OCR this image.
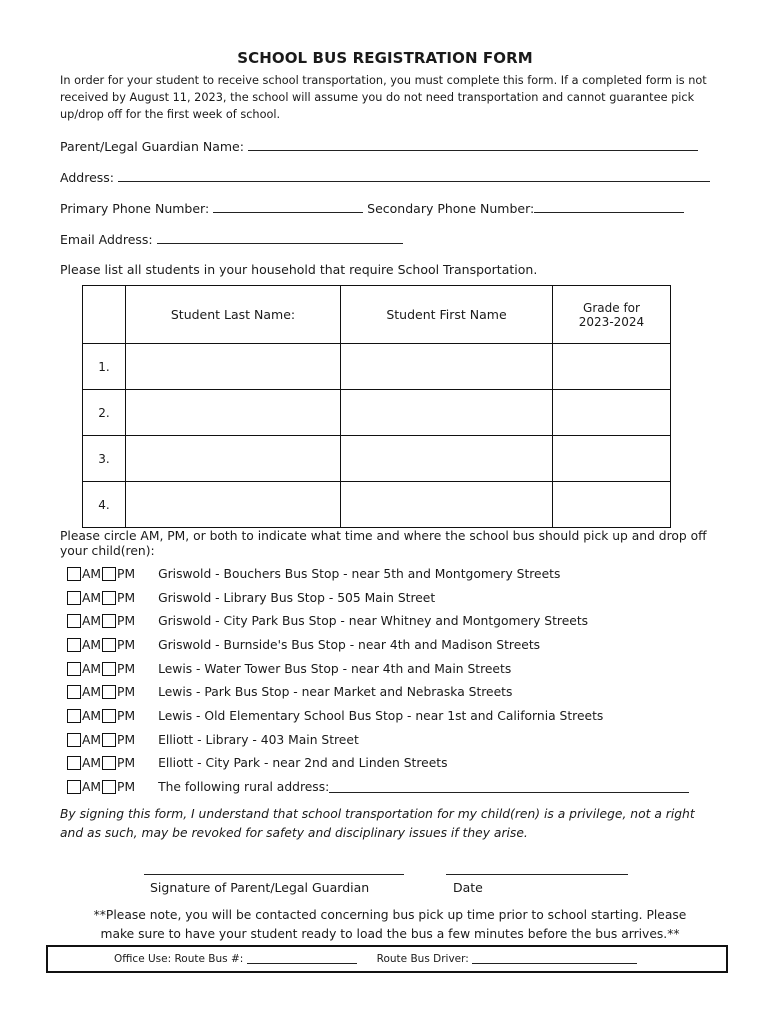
SCHOOL BUS REGISTRATION FORM
In order for your student to receive school transportation, you must complete this form. If a completed form is not received by August 11, 2023, the school will assume you do not need transportation and cannot guarantee pick up/drop off for the first week of school.
Parent/Legal Guardian Name:
Address:
Primary Phone Number:	Secondary Phone Number:
Email Address:
Please list all students in your household that require School Transportation.
	Student Last Name:	Student First Name	Grade for
2023-2024

1.			
2.			
3.			
4.			
Please circle AM, PM, or both to indicate what time and where the school bus should pick up and drop off your child(ren):
AM PM Griswold - Bouchers Bus Stop - near 5th and Montgomery Streets
AM PM Griswold - Library Bus Stop - 505 Main Street
AM PM Griswold - City Park Bus Stop - near Whitney and Montgomery Streets
AM PM Griswold - Burnside's Bus Stop - near 4th and Madison Streets
AM PM Lewis - Water Tower Bus Stop - near 4th and Main Streets
AM PM Lewis - Park Bus Stop - near Market and Nebraska Streets
AM PM Lewis - Old Elementary School Bus Stop - near 1st and California Streets
AM PM Elliott - Library - 403 Main Street
AM PM Elliott - City Park - near 2nd and Linden Streets
AM PM The following rural address:
By signing this form, I understand that school transportation for my child(ren) is a privilege, not a right and as such, may be revoked for safety and disciplinary issues if they arise.
Signature of Parent/Legal Guardian	Date
**Please note, you will be contacted concerning bus pick up time prior to school starting. Please
make sure to have your student ready to load the bus a few minutes before the bus arrives.**
Office Use: Route Bus #:
	Route Bus Driver:
